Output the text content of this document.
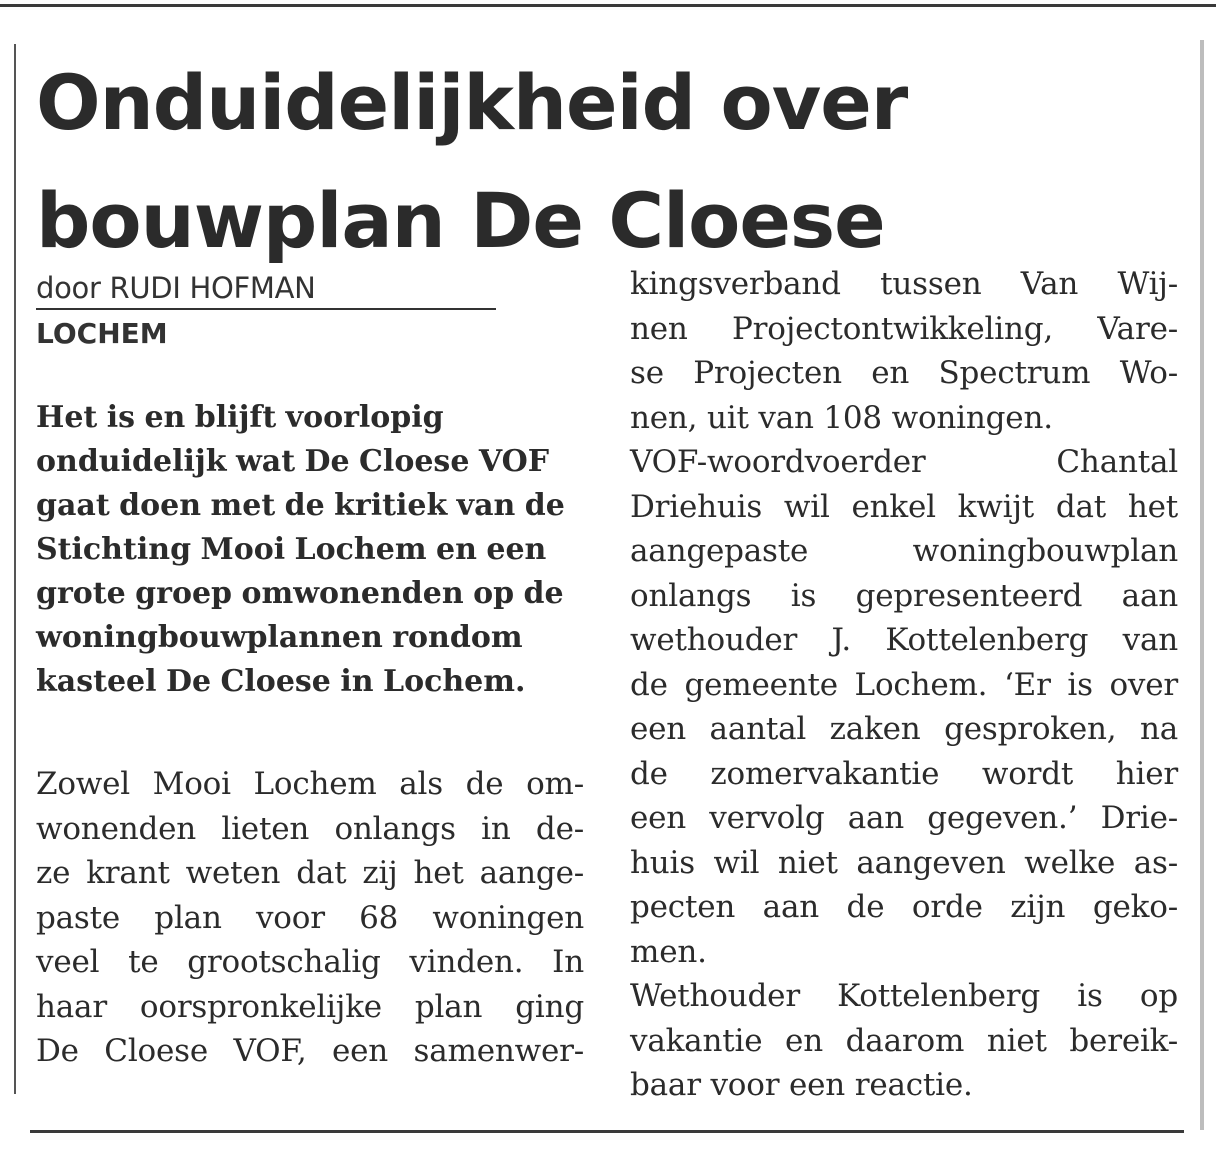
Onduidelijkheid over bouwplan De Cloese
door RUDI HOFMAN
LOCHEM

Het is en blijft voorlopig onduidelijk wat De Cloese VOF gaat doen met de kritiek van de Stichting Mooi Lochem en een grote groep omwonenden op de woningbouwplannen rondom kasteel De Cloese in Lochem.

Zowel Mooi Lochem als de om-
wonenden lieten onlangs in de-
ze krant weten dat zij het aange-
paste plan voor 68 woningen
veel te grootschalig vinden. In
haar oorspronkelijke plan ging
De Cloese VOF, een samenwer-
kingsverband tussen Van Wij-
nen Projectontwikkeling, Vare-
se Projecten en Spectrum Wo-
nen, uit van 108 woningen.
VOF-woordvoerder Chantal
Driehuis wil enkel kwijt dat het
aangepaste woningbouwplan
onlangs is gepresenteerd aan
wethouder J. Kottelenberg van
de gemeente Lochem. ‘Er is over
een aantal zaken gesproken, na
de zomervakantie wordt hier
een vervolg aan gegeven.’ Drie-
huis wil niet aangeven welke as-
pecten aan de orde zijn geko-
men.
Wethouder Kottelenberg is op
vakantie en daarom niet bereik-
baar voor een reactie.
